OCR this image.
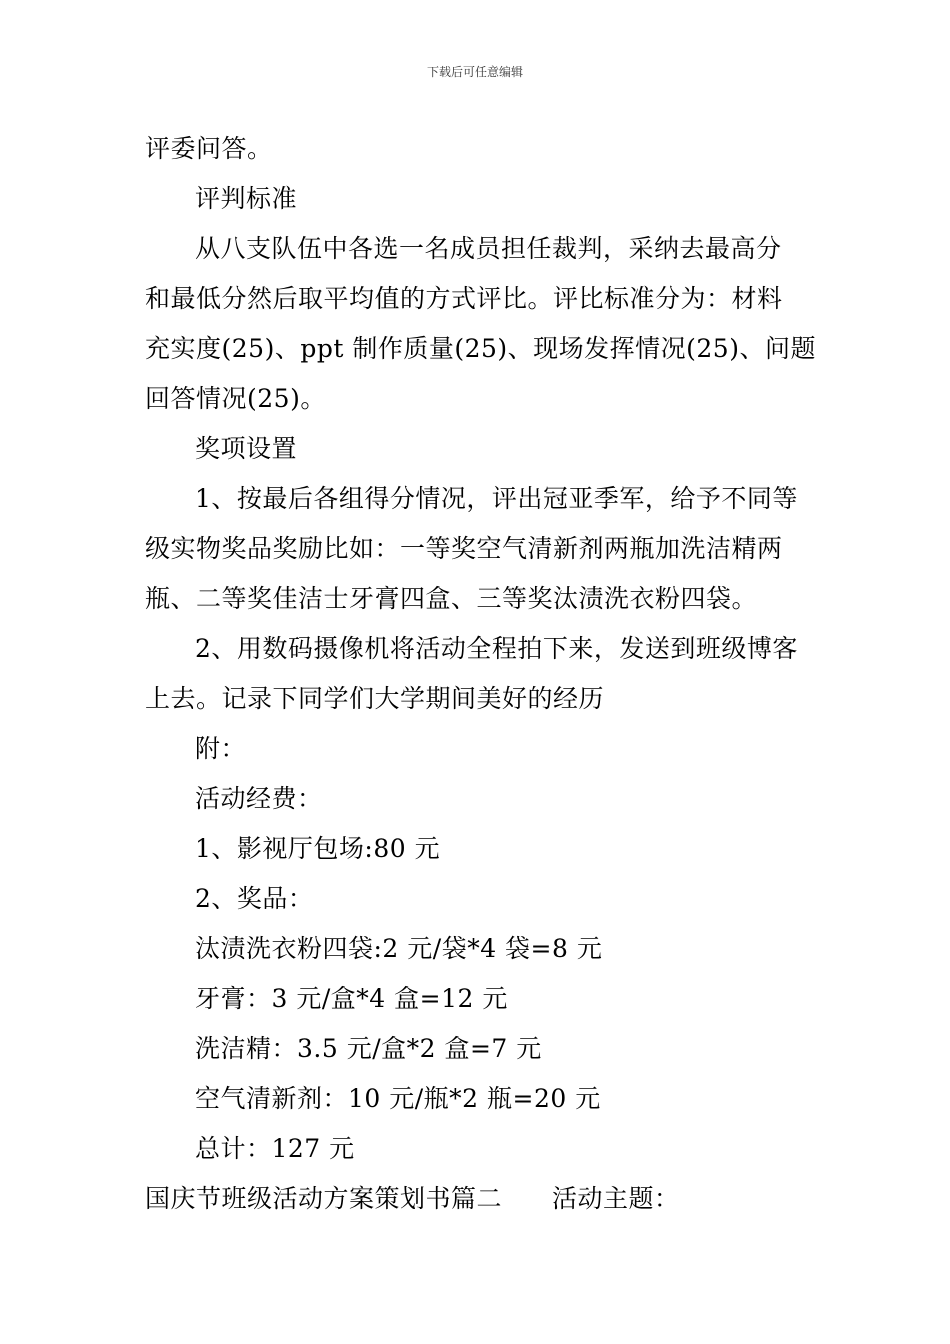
下载后可任意编辑
评委问答。
评判标准
从八支队伍中各选一名成员担任裁判，采纳去最高分
和最低分然后取平均值的方式评比。评比标准分为：材料
充实度(25)、ppt 制作质量(25)、现场发挥情况(25)、问题
回答情况(25)。
奖项设置
1、按最后各组得分情况，评出冠亚季军，给予不同等
级实物奖品奖励比如：一等奖空气清新剂两瓶加洗洁精两
瓶、二等奖佳洁士牙膏四盒、三等奖汰渍洗衣粉四袋。
2、用数码摄像机将活动全程拍下来，发送到班级博客
上去。记录下同学们大学期间美好的经历
附：
活动经费：
1、影视厅包场:80 元
2、奖品：
汰渍洗衣粉四袋:2 元/袋*4 袋=8 元
牙膏：3 元/盒*4 盒=12 元
洗洁精：3.5 元/盒*2 盒=7 元
空气清新剂：10 元/瓶*2 瓶=20 元
总计：127 元
国庆节班级活动方案策划书篇二 活动主题：
